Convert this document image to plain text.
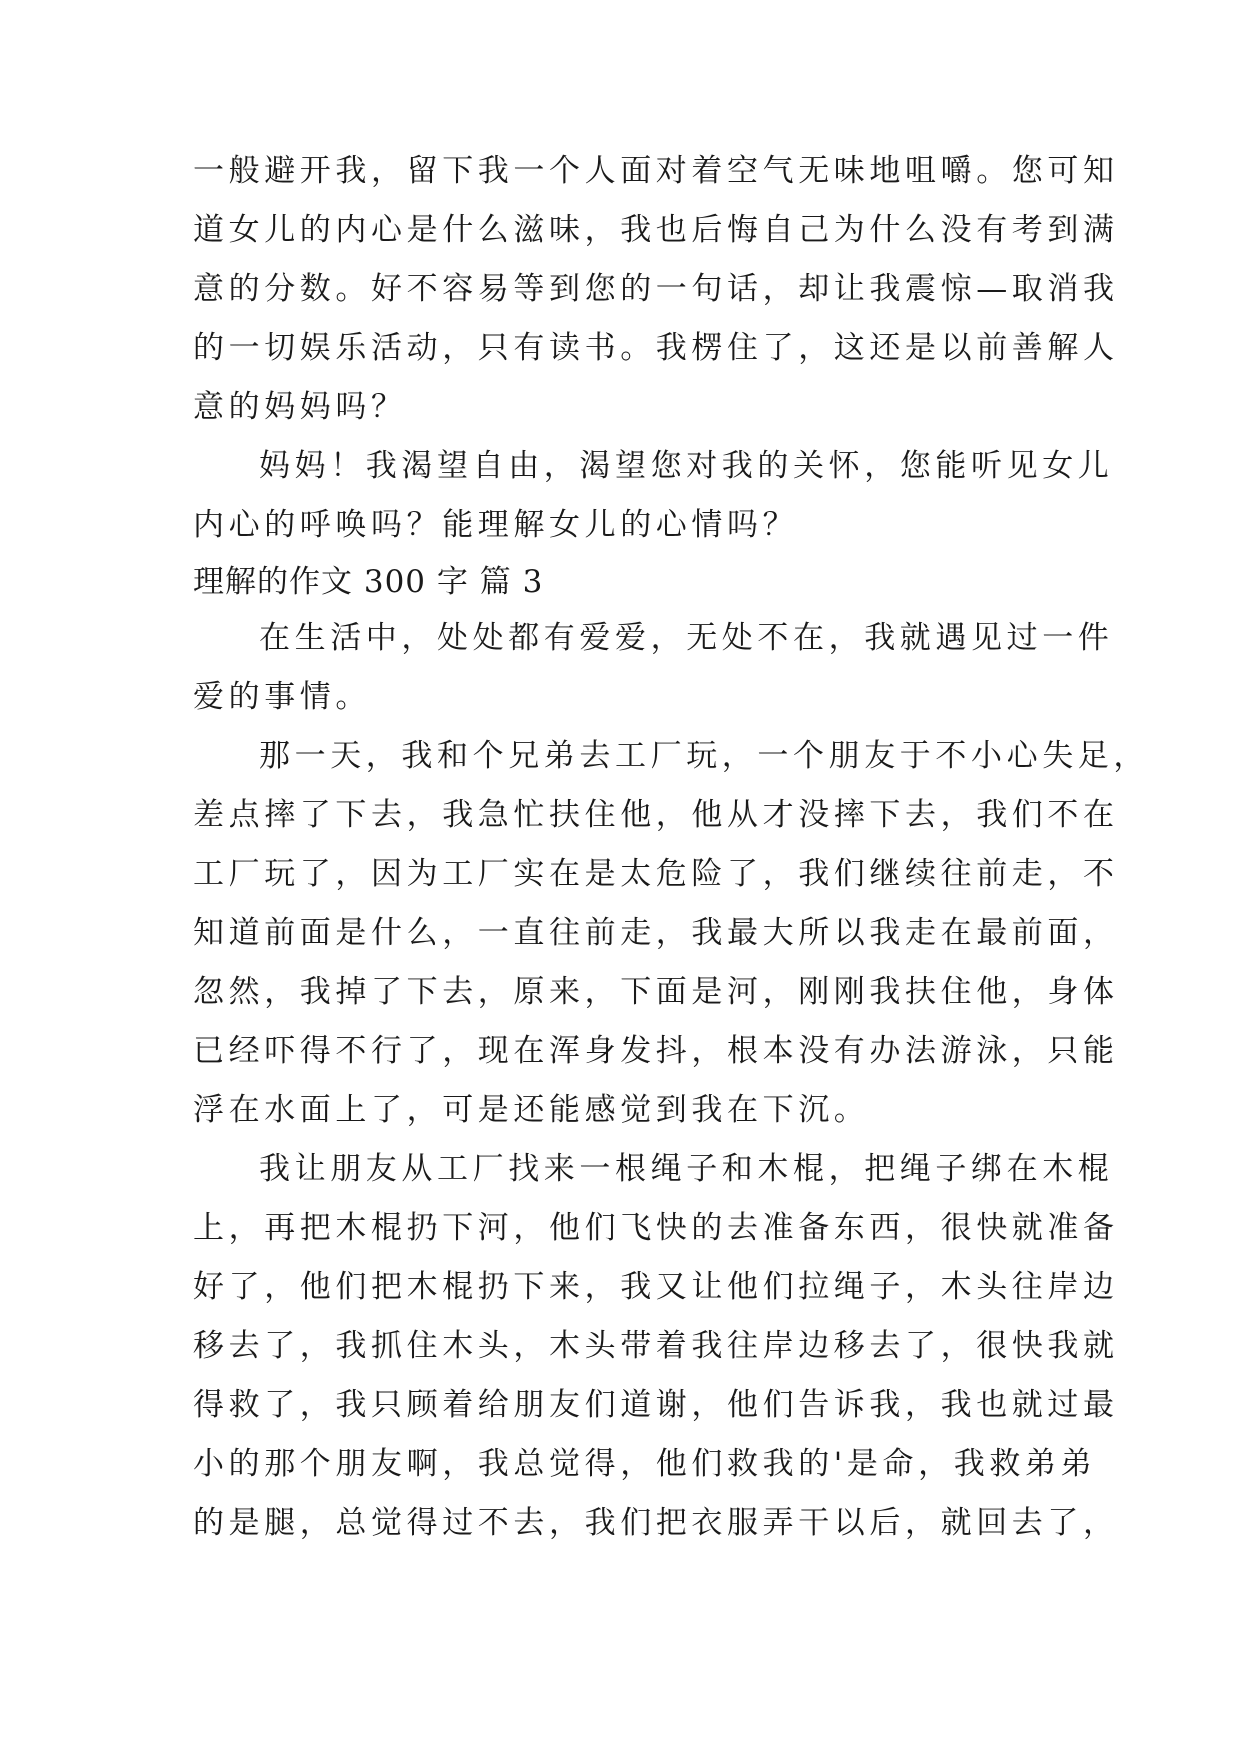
一般避开我，留下我一个人面对着空气无味地咀嚼。您可知
道女儿的内心是什么滋味，我也后悔自己为什么没有考到满
意的分数。好不容易等到您的一句话，却让我震惊—取消我
的一切娱乐活动，只有读书。我楞住了，这还是以前善解人
意的妈妈吗？
妈妈！我渴望自由，渴望您对我的关怀，您能听见女儿
内心的呼唤吗？能理解女儿的心情吗？
理解的作文 300 字 篇 3
在生活中，处处都有爱爱，无处不在，我就遇见过一件
爱的事情。
那一天，我和个兄弟去工厂玩，一个朋友于不小心失足，
差点摔了下去，我急忙扶住他，他从才没摔下去，我们不在
工厂玩了，因为工厂实在是太危险了，我们继续往前走，不
知道前面是什么，一直往前走，我最大所以我走在最前面，
忽然，我掉了下去，原来，下面是河，刚刚我扶住他，身体
已经吓得不行了，现在浑身发抖，根本没有办法游泳，只能
浮在水面上了，可是还能感觉到我在下沉。
我让朋友从工厂找来一根绳子和木棍，把绳子绑在木棍
上，再把木棍扔下河，他们飞快的去准备东西，很快就准备
好了，他们把木棍扔下来，我又让他们拉绳子，木头往岸边
移去了，我抓住木头，木头带着我往岸边移去了，很快我就
得救了，我只顾着给朋友们道谢，他们告诉我，我也就过最
小的那个朋友啊，我总觉得，他们救我的'是命，我救弟弟
的是腿，总觉得过不去，我们把衣服弄干以后，就回去了，
